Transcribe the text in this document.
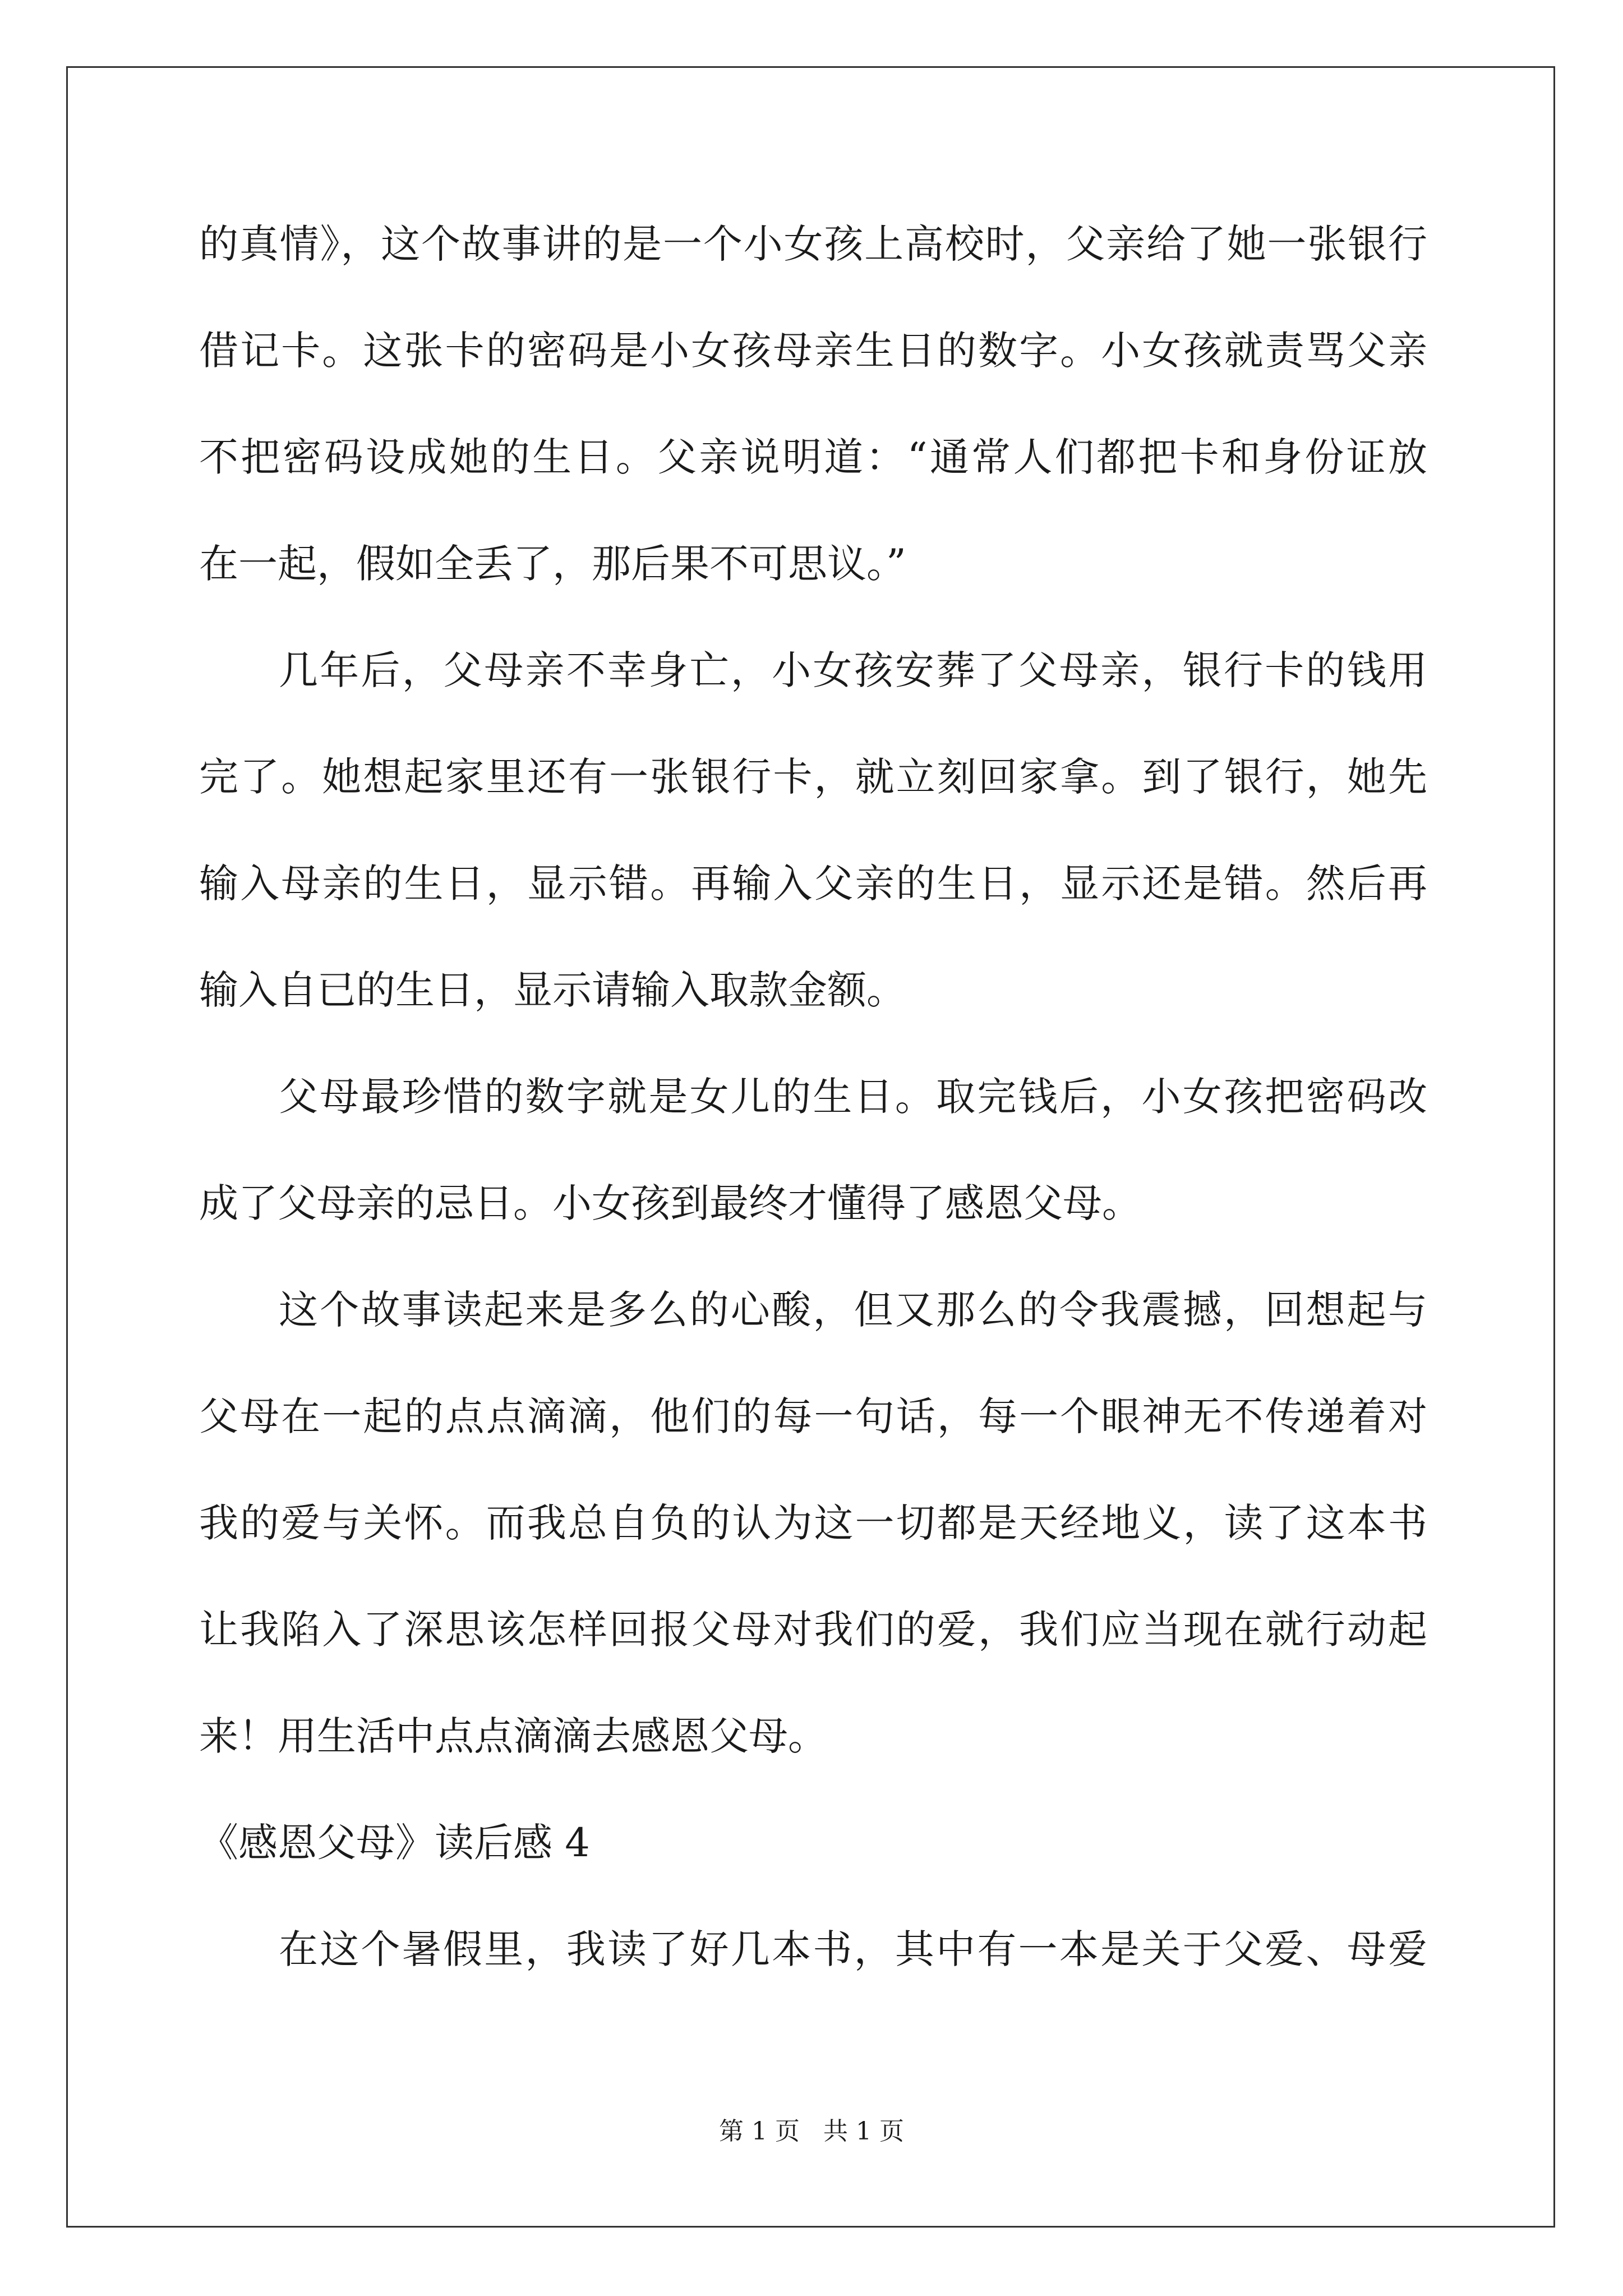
的真情》，这个故事讲的是一个小女孩上高校时，父亲给了她一张银行
借记卡。这张卡的密码是小女孩母亲生日的数字。小女孩就责骂父亲
不把密码设成她的生日。父亲说明道：“通常人们都把卡和身份证放
在一起，假如全丢了，那后果不可思议。”
几年后，父母亲不幸身亡，小女孩安葬了父母亲，银行卡的钱用
完了。她想起家里还有一张银行卡，就立刻回家拿。到了银行，她先
输入母亲的生日，显示错。再输入父亲的生日，显示还是错。然后再
输入自已的生日，显示请输入取款金额。
父母最珍惜的数字就是女儿的生日。取完钱后，小女孩把密码改
成了父母亲的忌日。小女孩到最终才懂得了感恩父母。
这个故事读起来是多么的心酸，但又那么的令我震撼，回想起与
父母在一起的点点滴滴，他们的每一句话，每一个眼神无不传递着对
我的爱与关怀。而我总自负的认为这一切都是天经地义，读了这本书
让我陷入了深思该怎样回报父母对我们的爱，我们应当现在就行动起
来！用生活中点点滴滴去感恩父母。
《感恩父母》读后感 4
在这个暑假里，我读了好几本书，其中有一本是关于父爱、母爱
第 1 页 共 1 页
